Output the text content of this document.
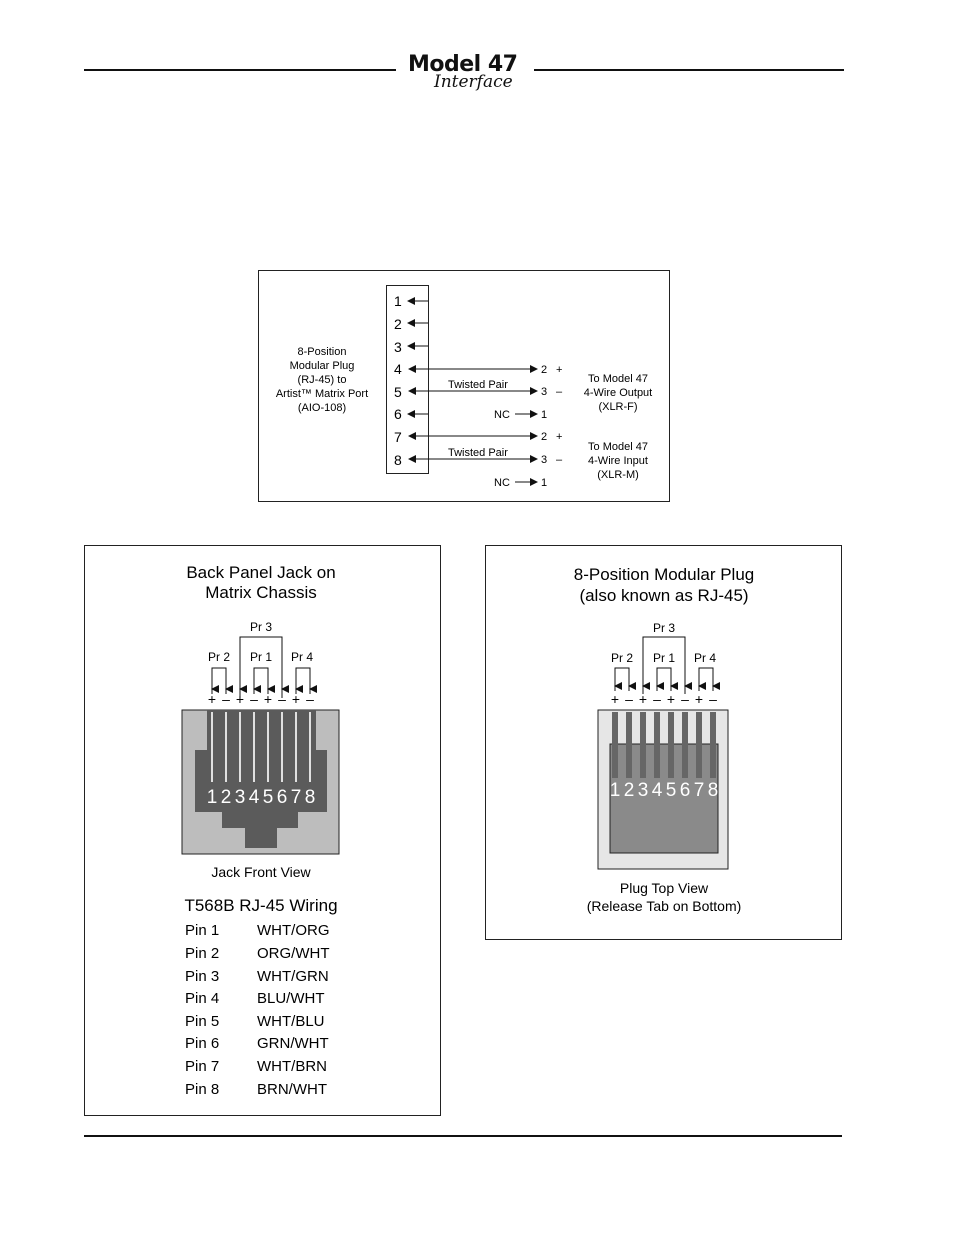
Model 47
Interface
1
2
3
4
5
6
7
8
Twisted Pair
Twisted Pair
NC
NC
2 +
3 –
1
2 +
3 –
1
8-Position
Modular Plug
(RJ-45) to
Artist™ Matrix Port
(AIO-108)
To Model 47
4-Wire Output
(XLR-F)
To Model 47
4-Wire Input
(XLR-M)
Back Panel Jack on
Matrix Chassis
Pr 3
Pr 2 Pr 1 Pr 4
+ – + – + – + –
1 2 3 4 5 6 7 8
Jack Front View
T568B RJ-45 Wiring
Pin 1	WHT/ORG
Pin 2	ORG/WHT
Pin 3	WHT/GRN
Pin 4	BLU/WHT
Pin 5	WHT/BLU
Pin 6	GRN/WHT
Pin 7	WHT/BRN
Pin 8	BRN/WHT
8-Position Modular Plug
(also known as RJ-45)
Pr 3
Pr 2 Pr 1 Pr 4
+ – + – + – + –
1 2 3 4 5 6 7 8
Plug Top View
(Release Tab on Bottom)
